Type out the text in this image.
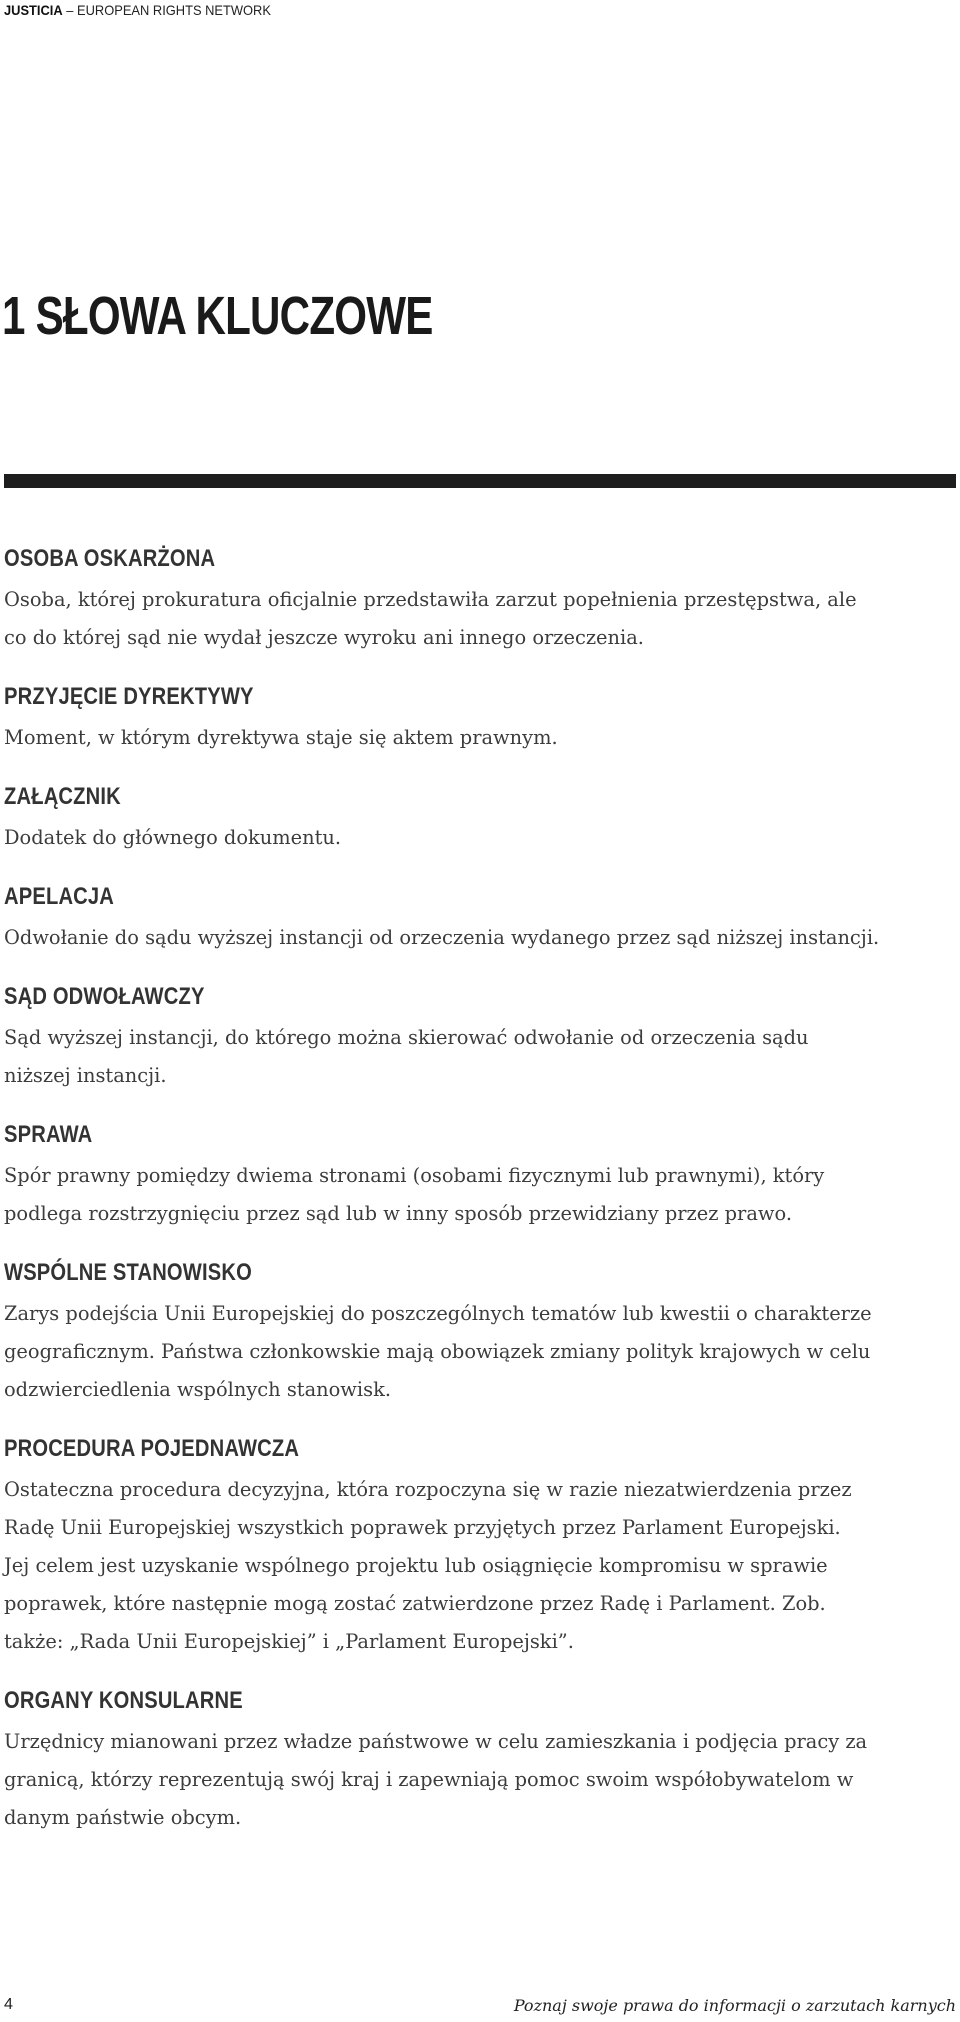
JUSTICIA – EUROPEAN RIGHTS NETWORK
1 SŁOWA KLUCZOWE
OSOBA OSKARŻONA

Osoba, której prokuratura oficjalnie przedstawiła zarzut popełnienia przestępstwa, ale
co do której sąd nie wydał jeszcze wyroku ani innego orzeczenia.

PRZYJĘCIE DYREKTYWY

Moment, w którym dyrektywa staje się aktem prawnym.

ZAŁĄCZNIK

Dodatek do głównego dokumentu.

APELACJA

Odwołanie do sądu wyższej instancji od orzeczenia wydanego przez sąd niższej instancji.

SĄD ODWOŁAWCZY

Sąd wyższej instancji, do którego można skierować odwołanie od orzeczenia sądu
niższej instancji.

SPRAWA

Spór prawny pomiędzy dwiema stronami (osobami fizycznymi lub prawnymi), który
podlega rozstrzygnięciu przez sąd lub w inny sposób przewidziany przez prawo.

WSPÓLNE STANOWISKO

Zarys podejścia Unii Europejskiej do poszczególnych tematów lub kwestii o charakterze
geograficznym. Państwa członkowskie mają obowiązek zmiany polityk krajowych w celu
odzwierciedlenia wspólnych stanowisk.

PROCEDURA POJEDNAWCZA

Ostateczna procedura decyzyjna, która rozpoczyna się w razie niezatwierdzenia przez
Radę Unii Europejskiej wszystkich poprawek przyjętych przez Parlament Europejski.
Jej celem jest uzyskanie wspólnego projektu lub osiągnięcie kompromisu w sprawie
poprawek, które następnie mogą zostać zatwierdzone przez Radę i Parlament. Zob.
także: „Rada Unii Europejskiej” i „Parlament Europejski”.

ORGANY KONSULARNE

Urzędnicy mianowani przez władze państwowe w celu zamieszkania i podjęcia pracy za
granicą, którzy reprezentują swój kraj i zapewniają pomoc swoim współobywatelom w
danym państwie obcym.

4	Poznaj swoje prawa do informacji o zarzutach karnych
